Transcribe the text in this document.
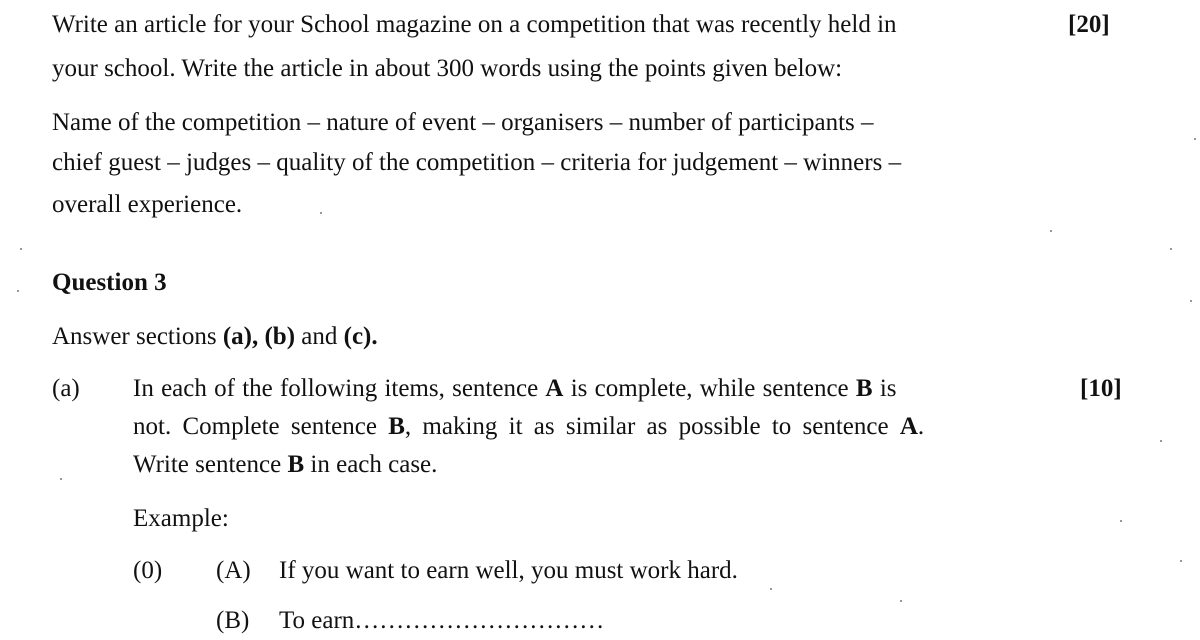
Write an article for your School magazine on a competition that was recently held in	[20]
your school. Write the article in about 300 words using the points given below:
Name of the competition – nature of event – organisers – number of participants –
chief guest – judges – quality of the competition – criteria for judgement – winners –
overall experience.
Question 3
Answer sections (a), (b) and (c).
(a)	[10]
In each of the following items, sentence A is complete, while sentence B is
not. Complete sentence B, making it as similar as possible to sentence A.
Write sentence B in each case.
Example:
(0) (A) If you want to earn well, you must work hard.
(B) To earn…………………………
